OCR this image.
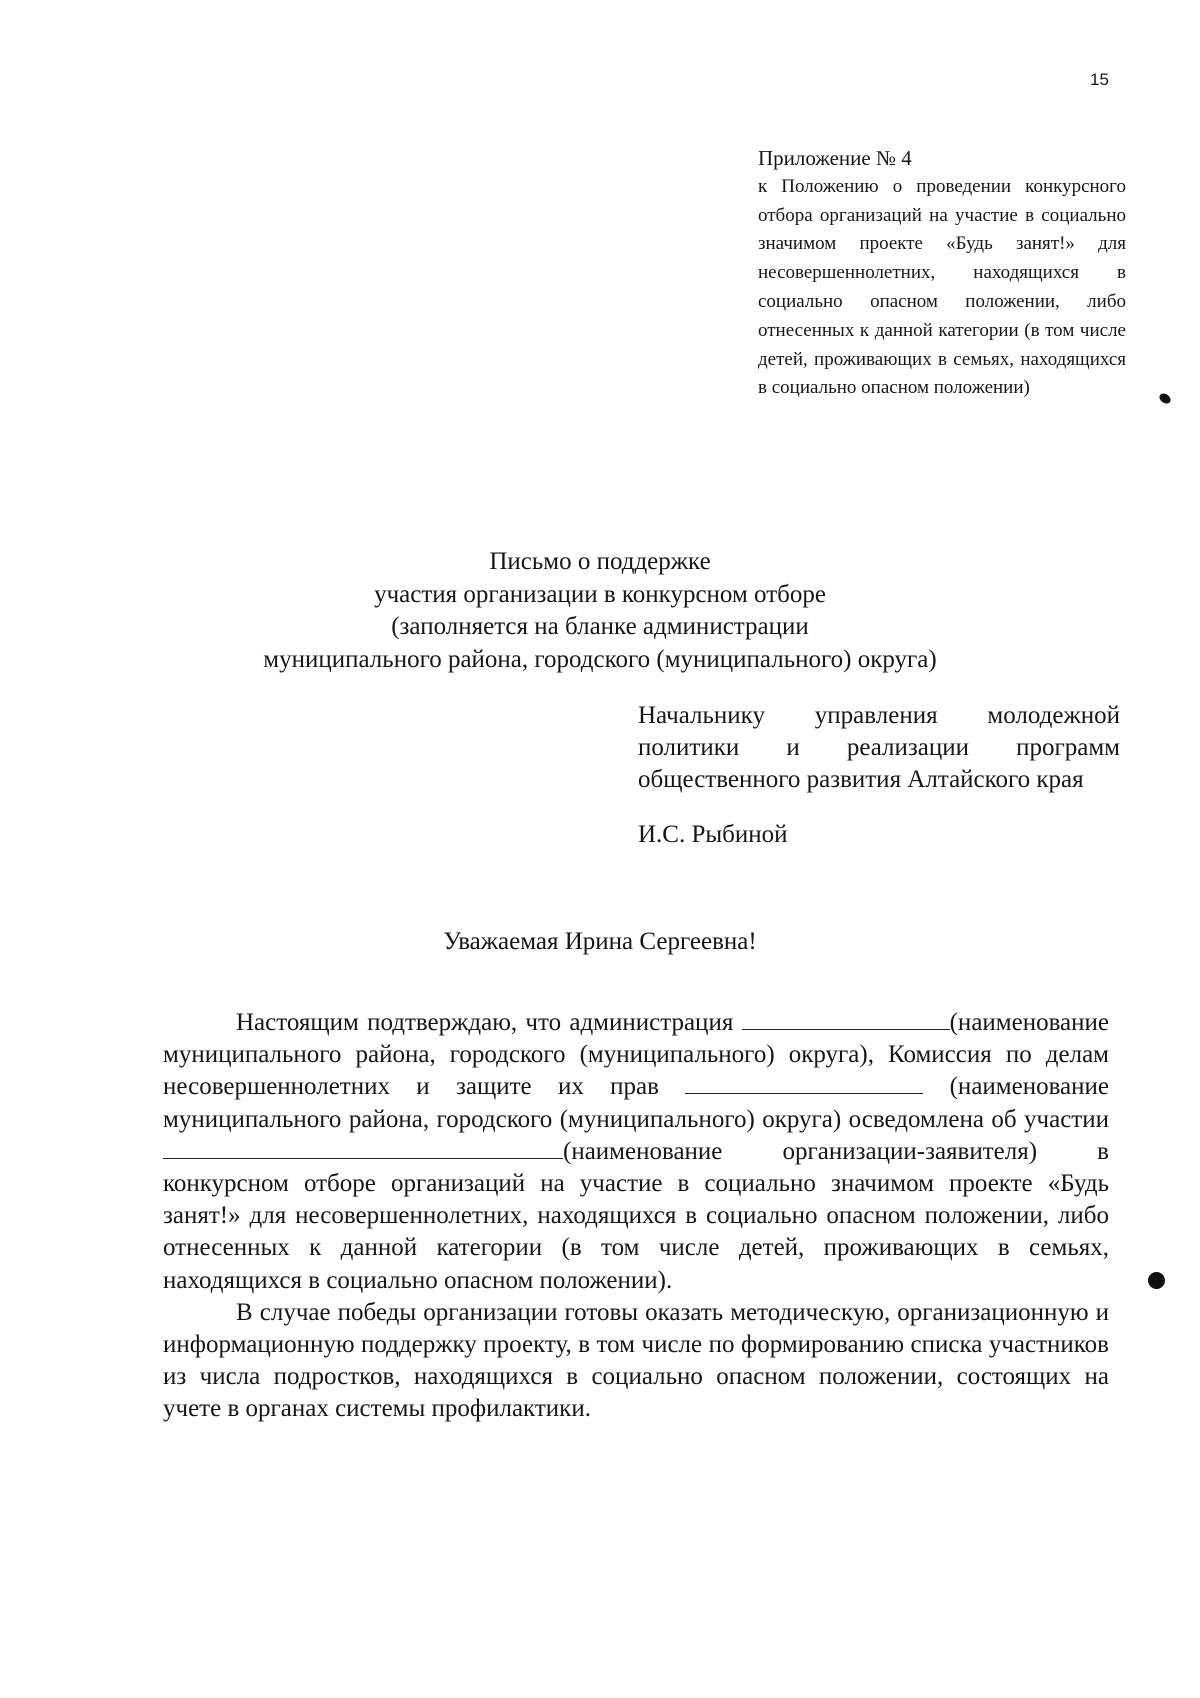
15

Приложение № 4

к Положению о проведении конкурсного отбора организаций на участие в социально значимом проекте «Будь занят!» для несовершеннолетних, находящихся в социально опасном положении, либо отнесенных к данной категории (в том числе детей, проживающих в семьях, находящихся в социально опасном положении)

Письмо о поддержке
участия организации в конкурсном отборе
(заполняется на бланке администрации
муниципального района, городского (муниципального) округа)

Начальнику управления молодежной политики и реализации программ общественного развития Алтайского края

И.С. Рыбиной

Уважаемая Ирина Сергеевна!

Настоящим подтверждаю, что администрация	(наименование муниципального района, городского (муниципального) округа), Комиссия по делам несовершеннолетних и защите их прав	(наименование муниципального района, городского (муниципального) округа) осведомлена об участии (наименование организации-заявителя) в конкурсном отборе организаций на участие в социально значимом проекте «Будь занят!» для несовершеннолетних, находящихся в социально опасном положении, либо отнесенных к данной категории (в том числе детей, проживающих в семьях, находящихся в социально опасном положении).

В случае победы организации готовы оказать методическую, организационную и информационную поддержку проекту, в том числе по формированию списка участников из числа подростков, находящихся в социально опасном положении, состоящих на учете в органах системы профилактики.
